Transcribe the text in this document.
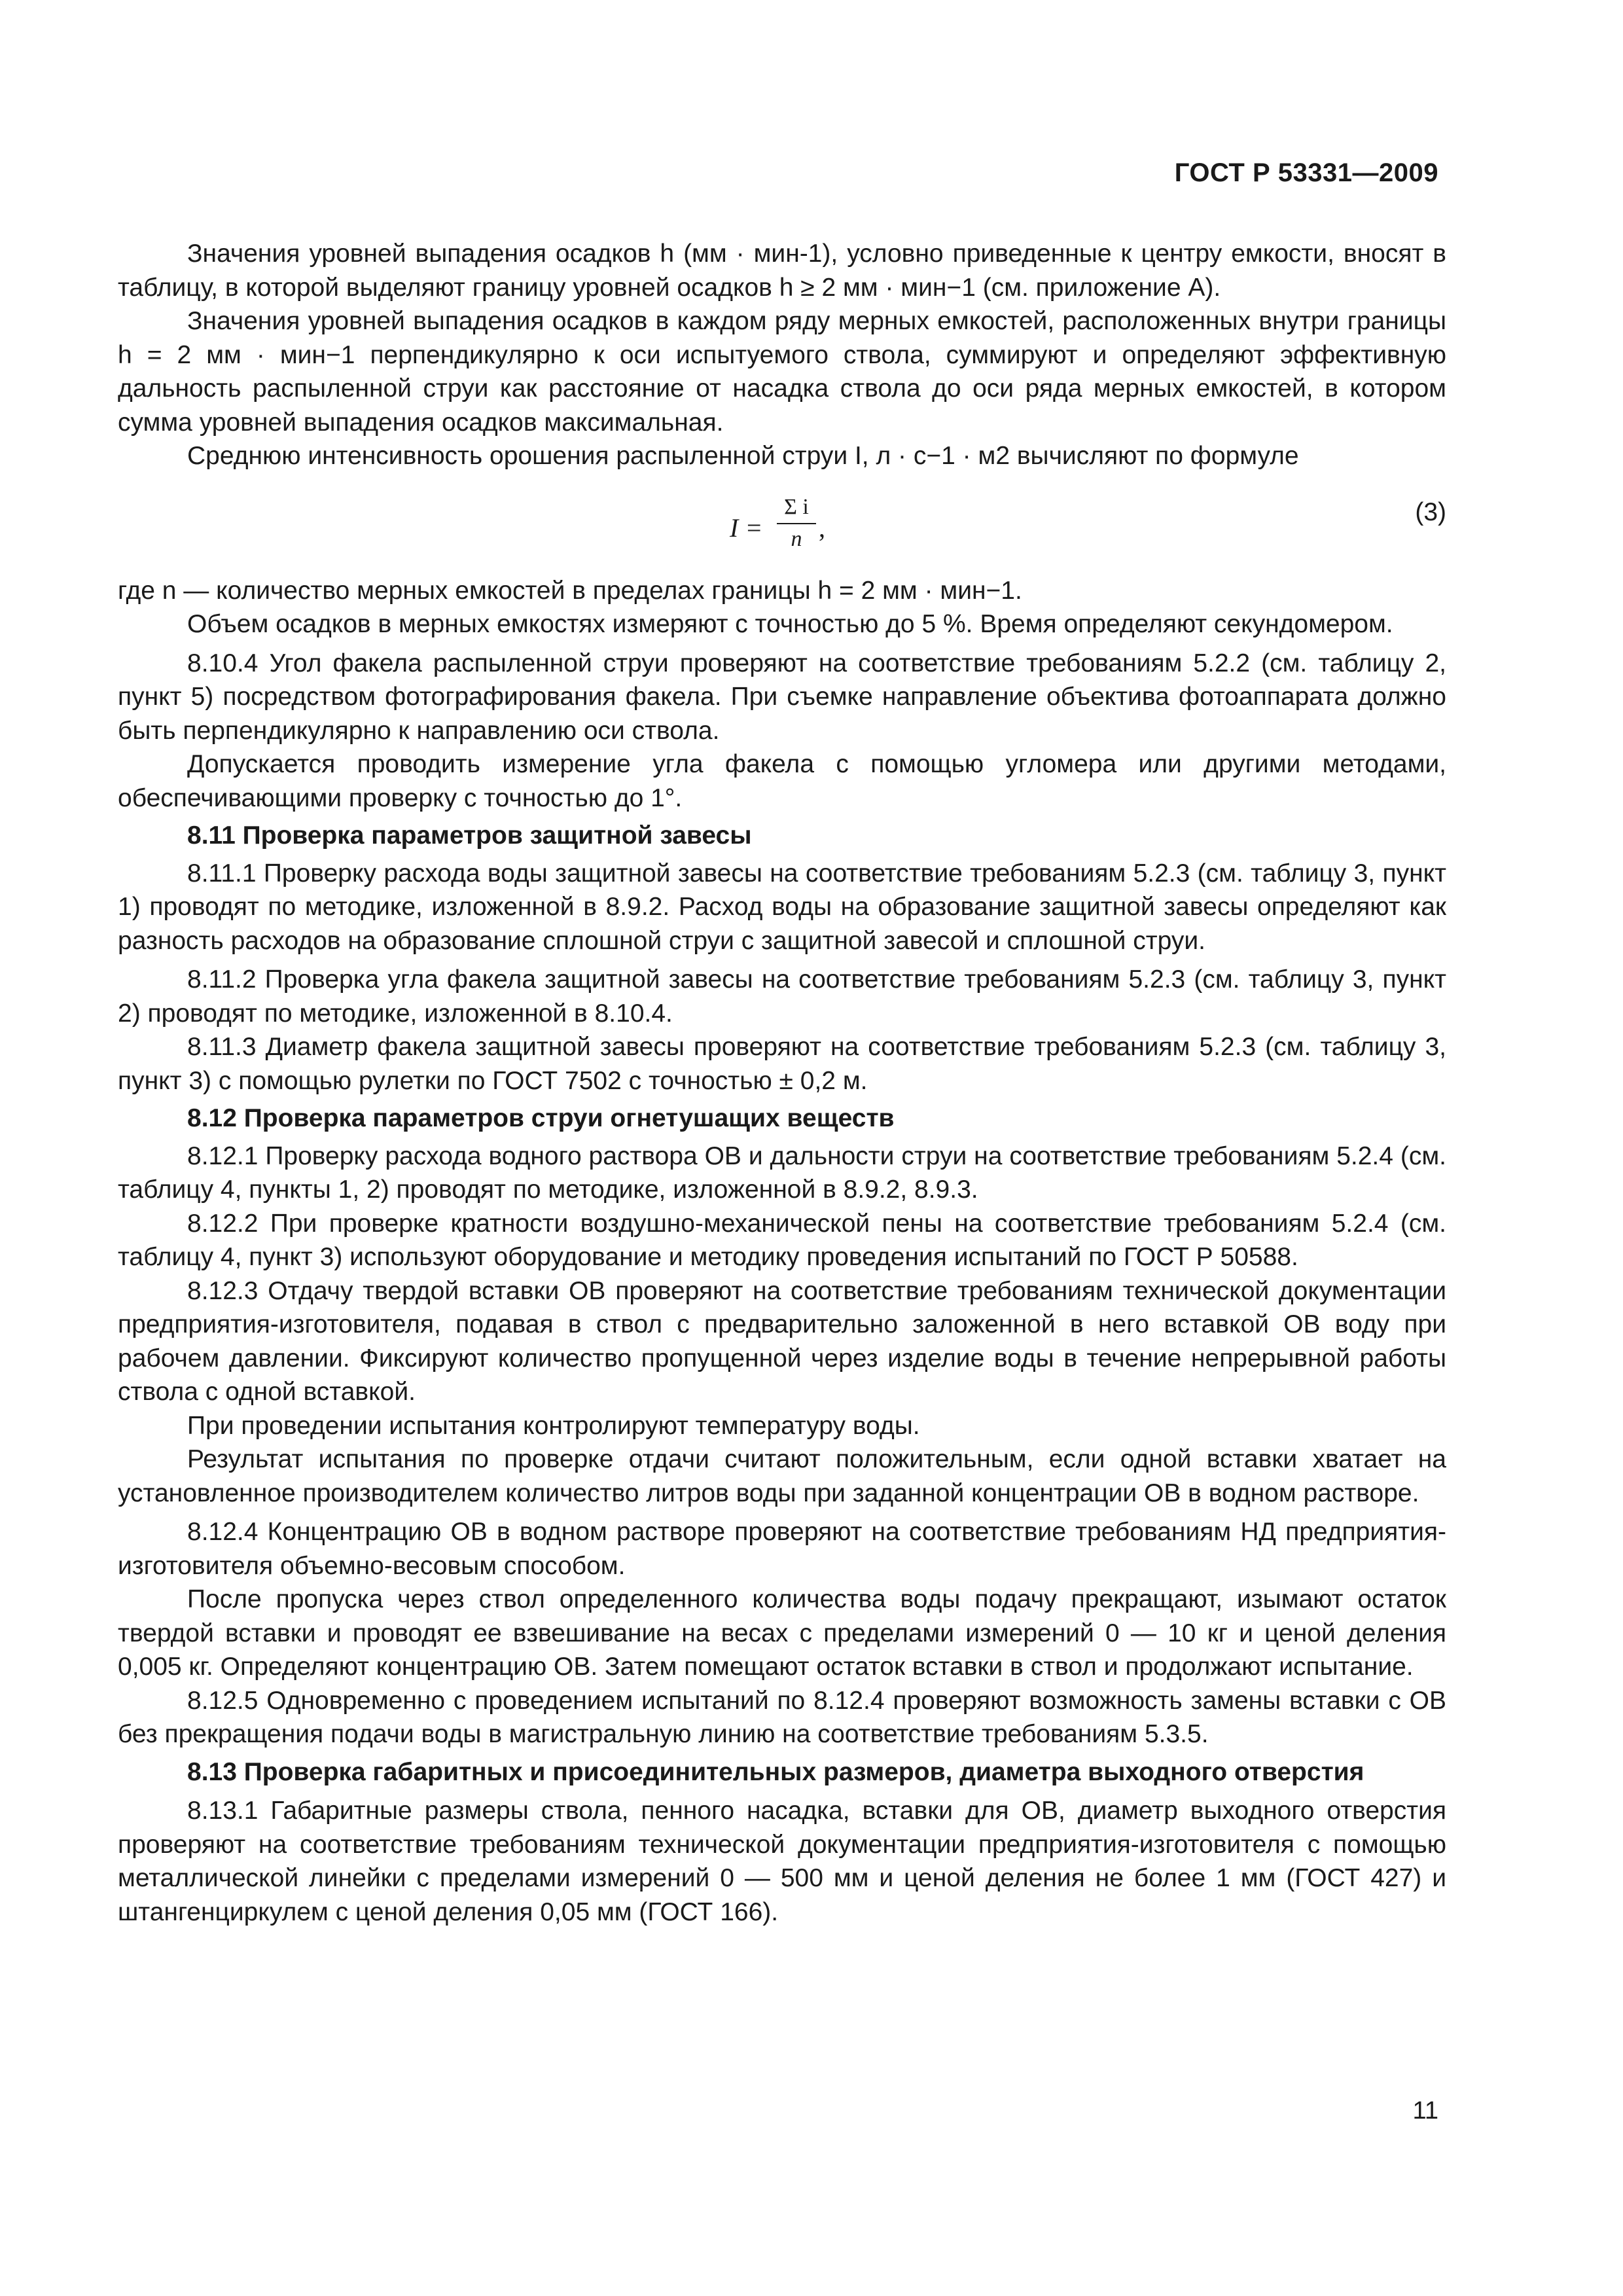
ГОСТ Р 53331—2009

Значения уровней выпадения осадков h (мм · мин-1), условно приведенные к центру емкости, вносят в таблицу, в которой выделяют границу уровней осадков h ≥ 2 мм · мин−1 (см. приложение А).

Значения уровней выпадения осадков в каждом ряду мерных емкостей, расположенных внутри границы h = 2 мм · мин−1 перпендикулярно к оси испытуемого ствола, суммируют и определяют эффективную дальность распыленной струи как расстояние от насадка ствола до оси ряда мерных емкостей, в котором сумма уровней выпадения осадков максимальная.

Среднюю интенсивность орошения распыленной струи I, л · с−1 · м2 вычисляют по формуле

$I = \frac{\text{Σ i}}{n}$ ,
(3)

где n — количество мерных емкостей в пределах границы h = 2 мм · мин−1.

Объем осадков в мерных емкостях измеряют с точностью до 5 %. Время определяют секундомером.

8.10.4 Угол факела распыленной струи проверяют на соответствие требованиям 5.2.2 (см. таблицу 2, пункт 5) посредством фотографирования факела. При съемке направление объектива фотоаппарата должно быть перпендикулярно к направлению оси ствола.

Допускается проводить измерение угла факела с помощью угломера или другими методами, обеспечивающими проверку с точностью до 1°.

8.11 Проверка параметров защитной завесы

8.11.1 Проверку расхода воды защитной завесы на соответствие требованиям 5.2.3 (см. таблицу 3, пункт 1) проводят по методике, изложенной в 8.9.2. Расход воды на образование защитной завесы определяют как разность расходов на образование сплошной струи с защитной завесой и сплошной струи.

8.11.2 Проверка угла факела защитной завесы на соответствие требованиям 5.2.3 (см. таблицу 3, пункт 2) проводят по методике, изложенной в 8.10.4.

8.11.3 Диаметр факела защитной завесы проверяют на соответствие требованиям 5.2.3 (см. таблицу 3, пункт 3) с помощью рулетки по ГОСТ 7502 с точностью ± 0,2 м.

8.12 Проверка параметров струи огнетушащих веществ

8.12.1 Проверку расхода водного раствора ОВ и дальности струи на соответствие требованиям 5.2.4 (см. таблицу 4, пункты 1, 2) проводят по методике, изложенной в 8.9.2, 8.9.3.

8.12.2 При проверке кратности воздушно-механической пены на соответствие требованиям 5.2.4 (см. таблицу 4, пункт 3) используют оборудование и методику проведения испытаний по ГОСТ Р 50588.

8.12.3 Отдачу твердой вставки ОВ проверяют на соответствие требованиям технической документации предприятия-изготовителя, подавая в ствол с предварительно заложенной в него вставкой ОВ воду при рабочем давлении. Фиксируют количество пропущенной через изделие воды в течение непрерывной работы ствола с одной вставкой.

При проведении испытания контролируют температуру воды.

Результат испытания по проверке отдачи считают положительным, если одной вставки хватает на установленное производителем количество литров воды при заданной концентрации ОВ в водном растворе.

8.12.4 Концентрацию ОВ в водном растворе проверяют на соответствие требованиям НД предприятия-изготовителя объемно-весовым способом.

После пропуска через ствол определенного количества воды подачу прекращают, изымают остаток твердой вставки и проводят ее взвешивание на весах с пределами измерений 0 — 10 кг и ценой деления 0,005 кг. Определяют концентрацию ОВ. Затем помещают остаток вставки в ствол и продолжают испытание.

8.12.5 Одновременно с проведением испытаний по 8.12.4 проверяют возможность замены вставки с ОВ без прекращения подачи воды в магистральную линию на соответствие требованиям 5.3.5.

8.13 Проверка габаритных и присоединительных размеров, диаметра выходного отверстия

8.13.1 Габаритные размеры ствола, пенного насадка, вставки для ОВ, диаметр выходного отверстия проверяют на соответствие требованиям технической документации предприятия-изготовителя с помощью металлической линейки с пределами измерений 0 — 500 мм и ценой деления не более 1 мм (ГОСТ 427) и штангенциркулем с ценой деления 0,05 мм (ГОСТ 166).

11
